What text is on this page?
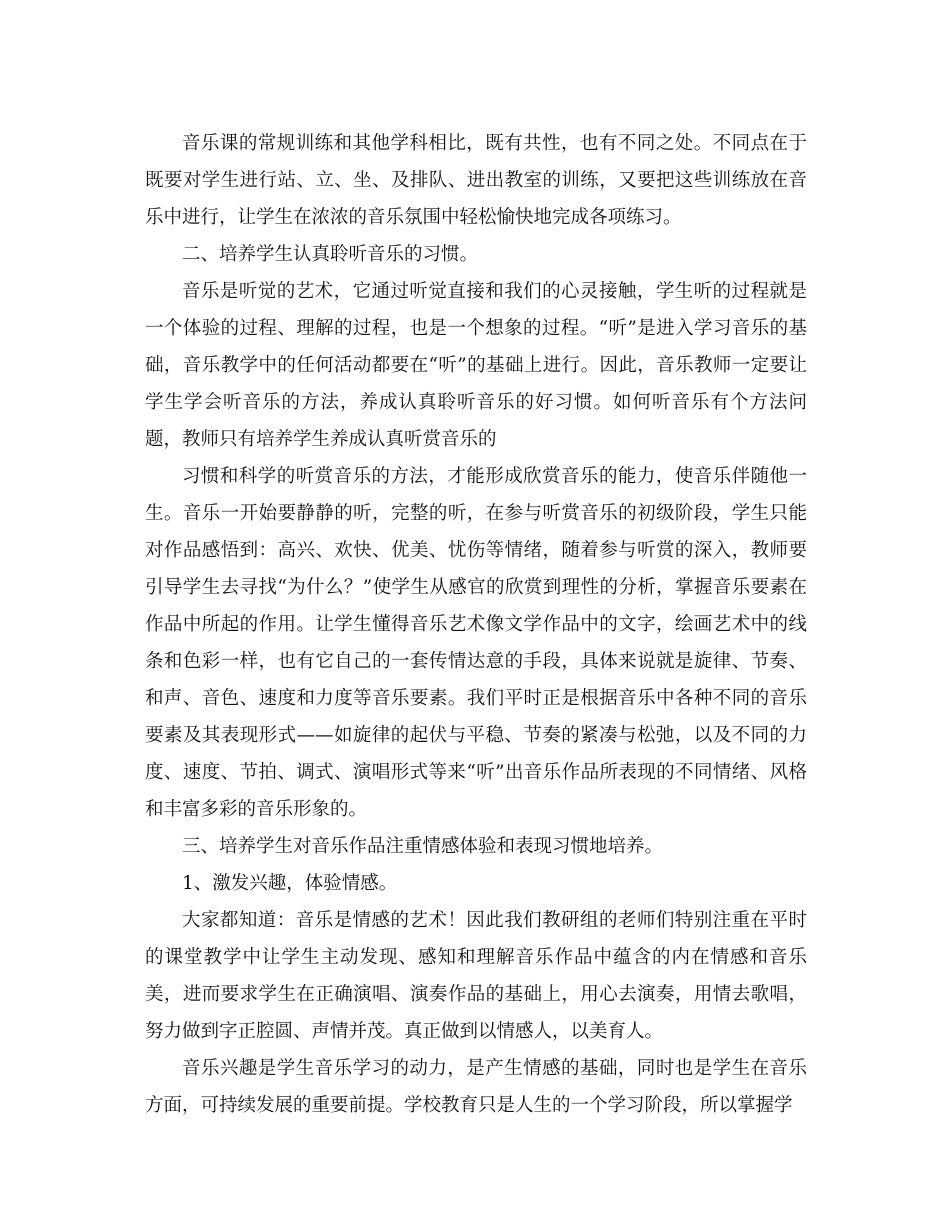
音乐课的常规训练和其他学科相比，既有共性，也有不同之处。不同点在于既要对学生进行站、立、坐、及排队、进出教室的训练，又要把这些训练放在音乐中进行，让学生在浓浓的音乐氛围中轻松愉快地完成各项练习。

二、培养学生认真聆听音乐的习惯。

音乐是听觉的艺术，它通过听觉直接和我们的心灵接触，学生听的过程就是一个体验的过程、理解的过程，也是一个想象的过程。“听”是进入学习音乐的基础，音乐教学中的任何活动都要在“听”的基础上进行。因此，音乐教师一定要让学生学会听音乐的方法，养成认真聆听音乐的好习惯。如何听音乐有个方法问题，教师只有培养学生养成认真听赏音乐的

习惯和科学的听赏音乐的方法，才能形成欣赏音乐的能力，使音乐伴随他一生。音乐一开始要静静的听，完整的听，在参与听赏音乐的初级阶段，学生只能对作品感悟到：高兴、欢快、优美、忧伤等情绪，随着参与听赏的深入，教师要引导学生去寻找“为什么？”使学生从感官的欣赏到理性的分析，掌握音乐要素在作品中所起的作用。让学生懂得音乐艺术像文学作品中的文字，绘画艺术中的线条和色彩一样，也有它自己的一套传情达意的手段，具体来说就是旋律、节奏、和声、音色、速度和力度等音乐要素。我们平时正是根据音乐中各种不同的音乐要素及其表现形式——如旋律的起伏与平稳、节奏的紧凑与松弛，以及不同的力度、速度、节拍、调式、演唱形式等来“听”出音乐作品所表现的不同情绪、风格和丰富多彩的音乐形象的。

三、培养学生对音乐作品注重情感体验和表现习惯地培养。

1、激发兴趣，体验情感。

大家都知道：音乐是情感的艺术！因此我们教研组的老师们特别注重在平时的课堂教学中让学生主动发现、感知和理解音乐作品中蕴含的内在情感和音乐美，进而要求学生在正确演唱、演奏作品的基础上，用心去演奏，用情去歌唱，努力做到字正腔圆、声情并茂。真正做到以情感人，以美育人。

音乐兴趣是学生音乐学习的动力，是产生情感的基础，同时也是学生在音乐方面，可持续发展的重要前提。学校教育只是人生的一个学习阶段，所以掌握学
